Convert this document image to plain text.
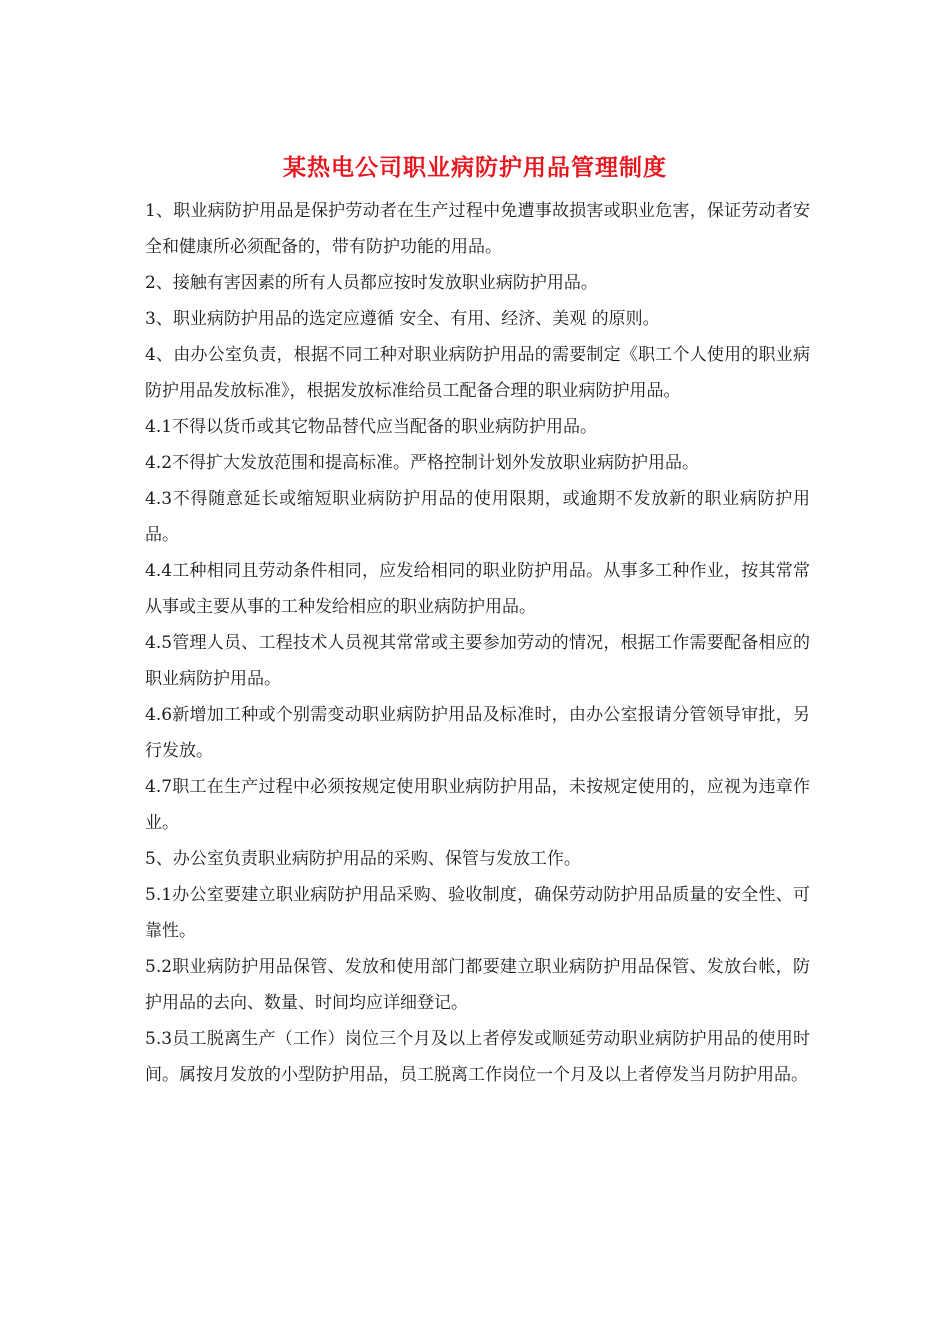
某热电公司职业病防护用品管理制度

1、职业病防护用品是保护劳动者在生产过程中免遭事故损害或职业危害，保证劳动者安全和健康所必须配备的，带有防护功能的用品。

2、接触有害因素的所有人员都应按时发放职业病防护用品。

3、职业病防护用品的选定应遵循 安全、有用、经济、美观 的原则。

4、由办公室负责，根据不同工种对职业病防护用品的需要制定《职工个人使用的职业病防护用品发放标准》，根据发放标准给员工配备合理的职业病防护用品。

4.1不得以货币或其它物品替代应当配备的职业病防护用品。

4.2不得扩大发放范围和提高标准。严格控制计划外发放职业病防护用品。

4.3不得随意延长或缩短职业病防护用品的使用限期，或逾期不发放新的职业病防护用品。

4.4工种相同且劳动条件相同，应发给相同的职业防护用品。从事多工种作业，按其常常从事或主要从事的工种发给相应的职业病防护用品。

4.5管理人员、工程技术人员视其常常或主要参加劳动的情况，根据工作需要配备相应的职业病防护用品。

4.6新增加工种或个别需变动职业病防护用品及标准时，由办公室报请分管领导审批，另行发放。

4.7职工在生产过程中必须按规定使用职业病防护用品，未按规定使用的，应视为违章作业。

5、办公室负责职业病防护用品的采购、保管与发放工作。

5.1办公室要建立职业病防护用品采购、验收制度，确保劳动防护用品质量的安全性、可靠性。

5.2职业病防护用品保管、发放和使用部门都要建立职业病防护用品保管、发放台帐，防护用品的去向、数量、时间均应详细登记。

5.3员工脱离生产（工作）岗位三个月及以上者停发或顺延劳动职业病防护用品的使用时间。属按月发放的小型防护用品，员工脱离工作岗位一个月及以上者停发当月防护用品。
